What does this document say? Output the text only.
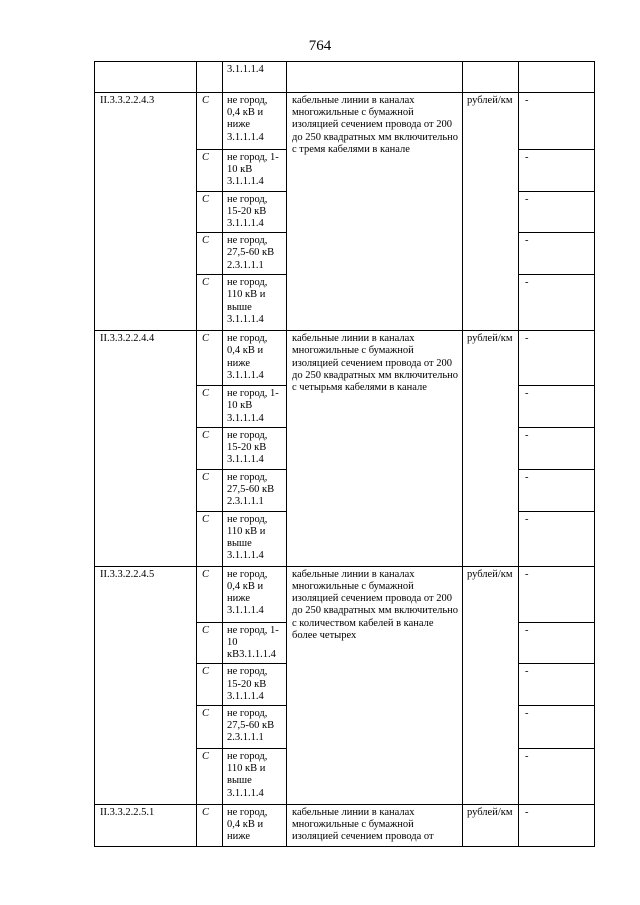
764
		3.1.1.1.4			
II.3.3.2.2.4.3	С	не город, 0,4 кВ и ниже 3.1.1.1.4	кабельные линии в каналах многожильные с бумажной изоляцией сечением провода от 200 до 250 квадратных мм включительно с тремя кабелями в канале	рублей/км	-
	С	не город, 1-10 кВ 3.1.1.1.4			-
	С	не город, 15-20 кВ 3.1.1.1.4			-
	С	не город, 27,5-60 кВ 2.3.1.1.1			-
	С	не город, 110 кВ и выше 3.1.1.1.4			-
II.3.3.2.2.4.4	С	не город, 0,4 кВ и ниже 3.1.1.1.4	кабельные линии в каналах многожильные с бумажной изоляцией сечением провода от 200 до 250 квадратных мм включительно с четырьмя кабелями в канале	рублей/км	-
	С	не город, 1-10 кВ 3.1.1.1.4			-
	С	не город, 15-20 кВ 3.1.1.1.4			-
	С	не город, 27,5-60 кВ 2.3.1.1.1			-
	С	не город, 110 кВ и выше 3.1.1.1.4			-
II.3.3.2.2.4.5	С	не город, 0,4 кВ и ниже 3.1.1.1.4	кабельные линии в каналах многожильные с бумажной изоляцией сечением провода от 200 до 250 квадратных мм включительно с количеством кабелей в канале более четырех	рублей/км	-
	С	не город, 1-10 кВ3.1.1.1.4			-
	С	не город, 15-20 кВ 3.1.1.1.4			-
	С	не город, 27,5-60 кВ 2.3.1.1.1			-
	С	не город, 110 кВ и выше 3.1.1.1.4			-
II.3.3.2.2.5.1	С	не город, 0,4 кВ и ниже	кабельные линии в каналах многожильные с бумажной изоляцией сечением провода от	рублей/км	-
